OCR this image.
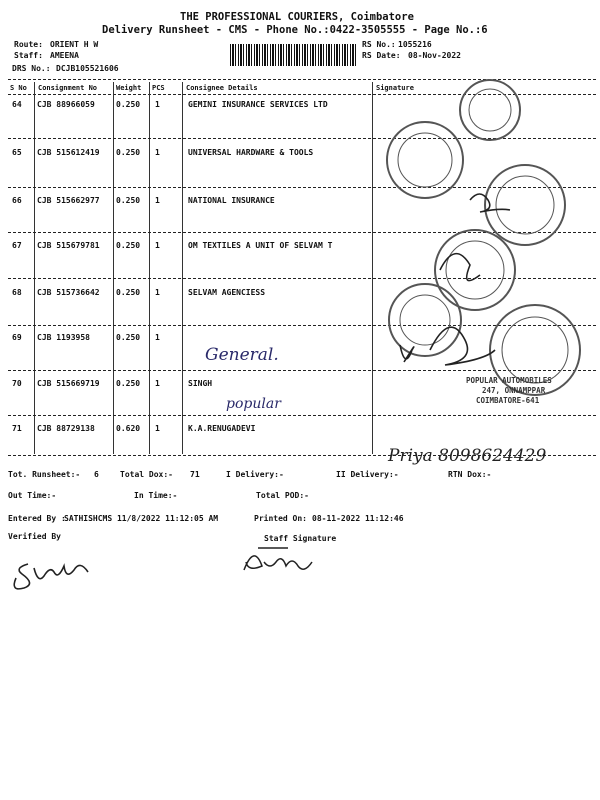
THE PROFESSIONAL COURIERS, Coimbatore
Delivery Runsheet - CMS - Phone No.:0422-3505555 - Page No.:6
Route: ORIENT H W
Staff: AMEENA
DRS No.: DCJB105521606
RS No.: 1055216
RS Date: 08-Nov-2022
S No Consignment No	Weight PCS	Consignee Details	Signature
64 CJB 88966059	0.250 1	GEMINI INSURANCE SERVICES LTD
65 CJB 515612419 0.250 1	UNIVERSAL HARDWARE & TOOLS
66 CJB 515662977 0.250 1	NATIONAL INSURANCE
67 CJB 515679781 0.250 1	OM TEXTILES A UNIT OF SELVAM T
68 CJB 515736642 0.250 1	SELVAM AGENCIESS
69 CJB 1193958	0.250 1
70 CJB 515669719 0.250 1	SINGH
71 CJB 88729138	0.620 1	K.A.RENUGADEVI
POPULAR AUTOMOBILES
247, ONNAMPPAR
COIMBATORE-641
General.
popular
Priya 8098624429
Tot. Runsheet:- 6	Total Dox:- 71	I Delivery:-	II Delivery:-	RTN Dox:-
Out Time:-	In Time:-	Total POD:-
Entered By :
SATHISHCMS 11/8/2022 11:12:05 AM	Printed On: 08-11-2022 11:12:46
Verified By	Staff Signature
